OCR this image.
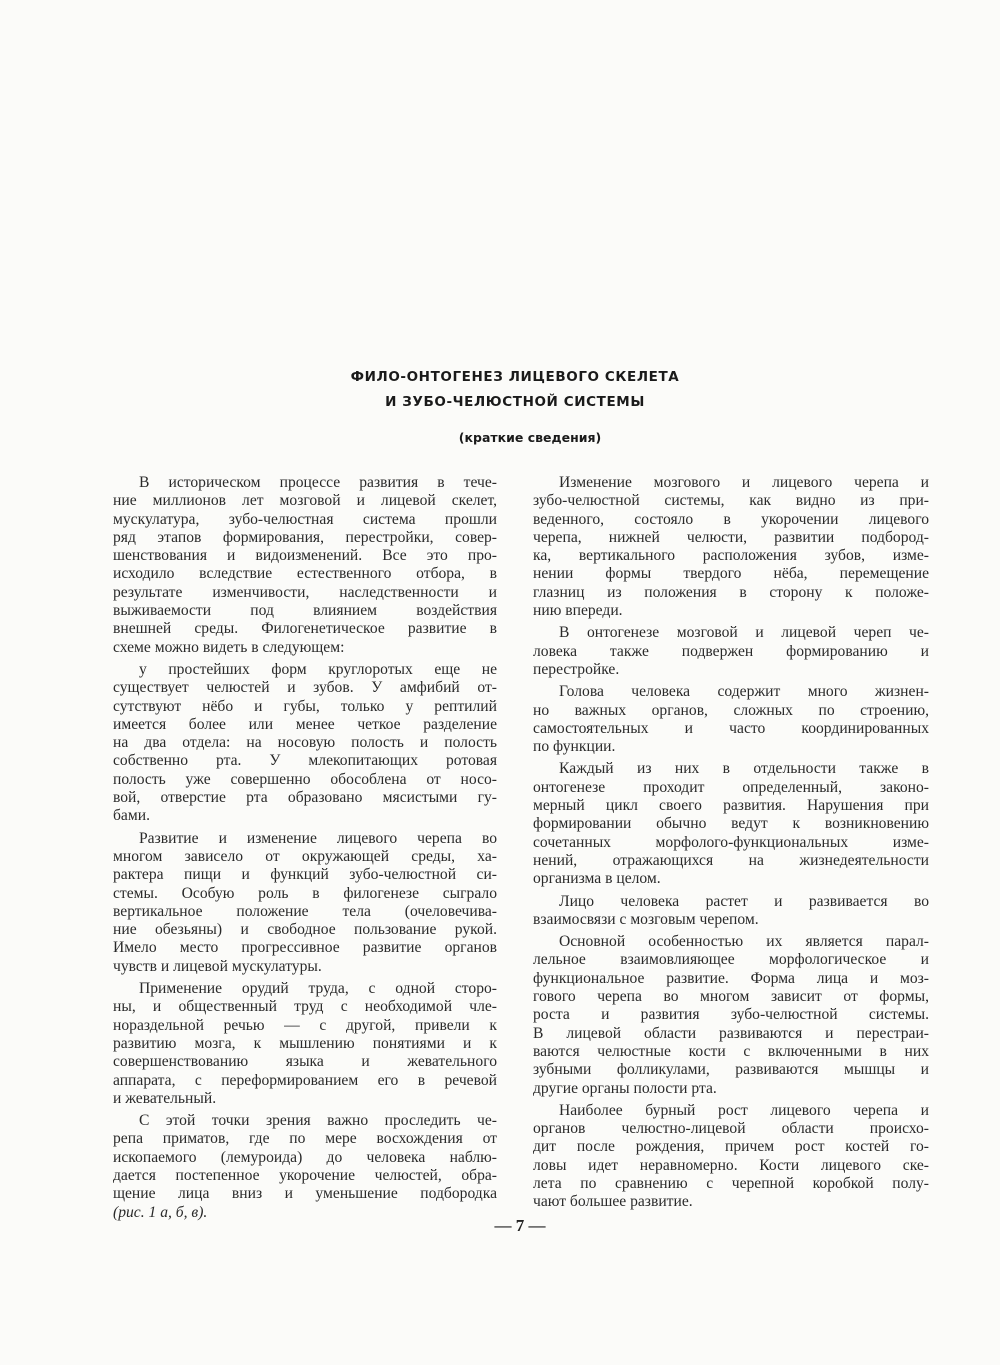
ФИЛО-ОНТОГЕНЕЗ ЛИЦЕВОГО СКЕЛЕТА
И ЗУБО-ЧЕЛЮСТНОЙ СИСТЕМЫ
(краткие сведения)
В историческом процессе развития в тече-
ние миллионов лет мозговой и лицевой скелет,
мускулатура, зубо-челюстная система прошли
ряд этапов формирования, перестройки, совер-
шенствования и видоизменений. Все это про-
исходило вследствие естественного отбора, в
результате изменчивости, наследственности и
выживаемости под влиянием воздействия
внешней среды. Филогенетическое развитие в
схеме можно видеть в следующем:
у простейших форм круглоротых еще не
существует челюстей и зубов. У амфибий от-
сутствуют нёбо и губы, только у рептилий
имеется более или менее четкое разделение
на два отдела: на носовую полость и полость
собственно рта. У млекопитающих ротовая
полость уже совершенно обособлена от носо-
вой, отверстие рта образовано мясистыми гу-
бами.
Развитие и изменение лицевого черепа во
многом зависело от окружающей среды, ха-
рактера пищи и функций зубо-челюстной си-
стемы. Особую роль в филогенезе сыграло
вертикальное положение тела (очеловечива-
ние обезьяны) и свободное пользование рукой.
Имело место прогрессивное развитие органов
чувств и лицевой мускулатуры.
Применение орудий труда, с одной сторо-
ны, и общественный труд с необходимой чле-
нораздельной речью — с другой, привели к
развитию мозга, к мышлению понятиями и к
совершенствованию языка и жевательного
аппарата, с переформированием его в речевой
и жевательный.
С этой точки зрения важно проследить че-
репа приматов, где по мере восхождения от
ископаемого (лемуроида) до человека наблю-
дается постепенное укорочение челюстей, обра-
щение лица вниз и уменьшение подбородка
(рис. 1 а, б, в).
Изменение мозгового и лицевого черепа и
зубо-челюстной системы, как видно из при-
веденного, состояло в укорочении лицевого
черепа, нижней челюсти, развитии подбород-
ка, вертикального расположения зубов, изме-
нении формы твердого нёба, перемещение
глазниц из положения в сторону к положе-
нию впереди.
В онтогенезе мозговой и лицевой череп че-
ловека также подвержен формированию и
перестройке.
Голова человека содержит много жизнен-
но важных органов, сложных по строению,
самостоятельных и часто координированных
по функции.
Каждый из них в отдельности также в
онтогенезе проходит определенный, законо-
мерный цикл своего развития. Нарушения при
формировании обычно ведут к возникновению
сочетанных морфолого-функциональных изме-
нений, отражающихся на жизнедеятельности
организма в целом.
Лицо человека растет и развивается во
взаимосвязи с мозговым черепом.
Основной особенностью их является парал-
лельное взаимовлияющее морфологическое и
функциональное развитие. Форма лица и моз-
гового черепа во многом зависит от формы,
роста и развития зубо-челюстной системы.
В лицевой области развиваются и перестраи-
ваются челюстные кости с включенными в них
зубными фолликулами, развиваются мышцы и
другие органы полости рта.
Наиболее бурный рост лицевого черепа и
органов челюстно-лицевой области происхо-
дит после рождения, причем рост костей го-
ловы идет неравномерно. Кости лицевого ске-
лета по сравнению с черепной коробкой полу-
чают большее развитие.
— 7 —
